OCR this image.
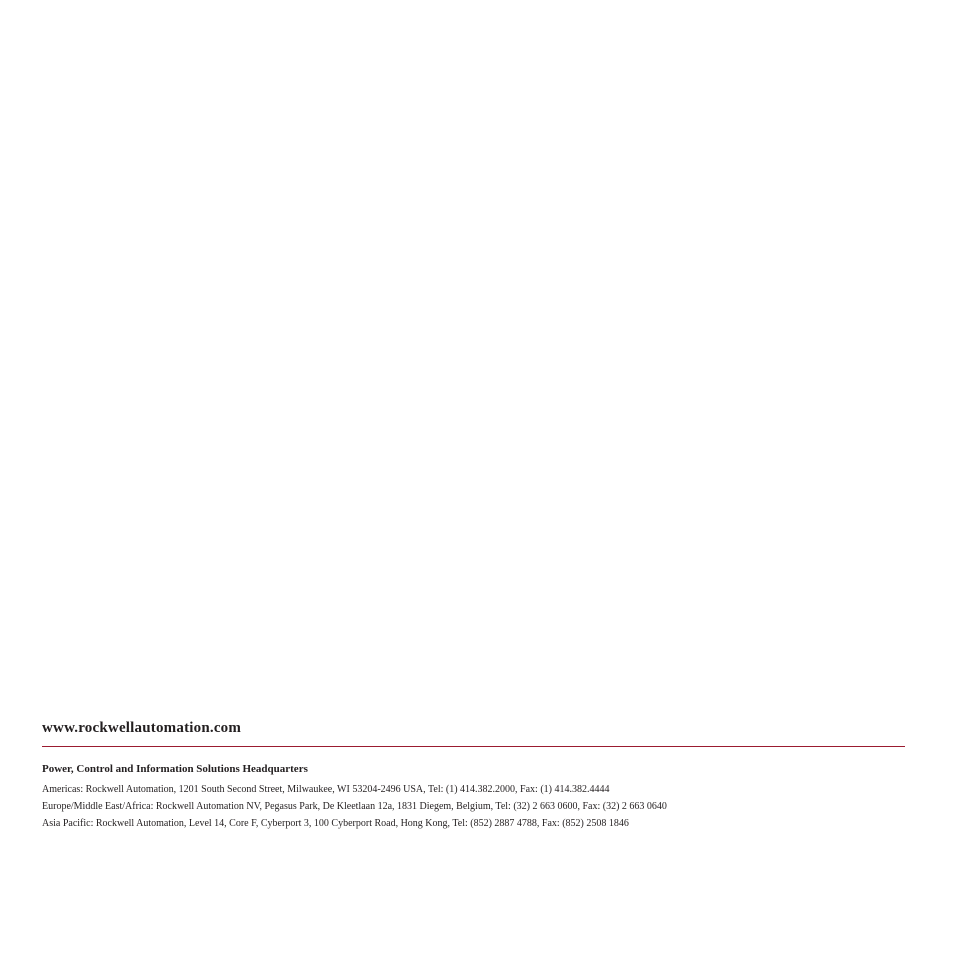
www.rockwellautomation.com
Power, Control and Information Solutions Headquarters
Americas: Rockwell Automation, 1201 South Second Street, Milwaukee, WI 53204-2496 USA, Tel: (1) 414.382.2000, Fax: (1) 414.382.4444
Europe/Middle East/Africa: Rockwell Automation NV, Pegasus Park, De Kleetlaan 12a, 1831 Diegem, Belgium, Tel: (32) 2 663 0600, Fax: (32) 2 663 0640
Asia Pacific: Rockwell Automation, Level 14, Core F, Cyberport 3, 100 Cyberport Road, Hong Kong, Tel: (852) 2887 4788, Fax: (852) 2508 1846
